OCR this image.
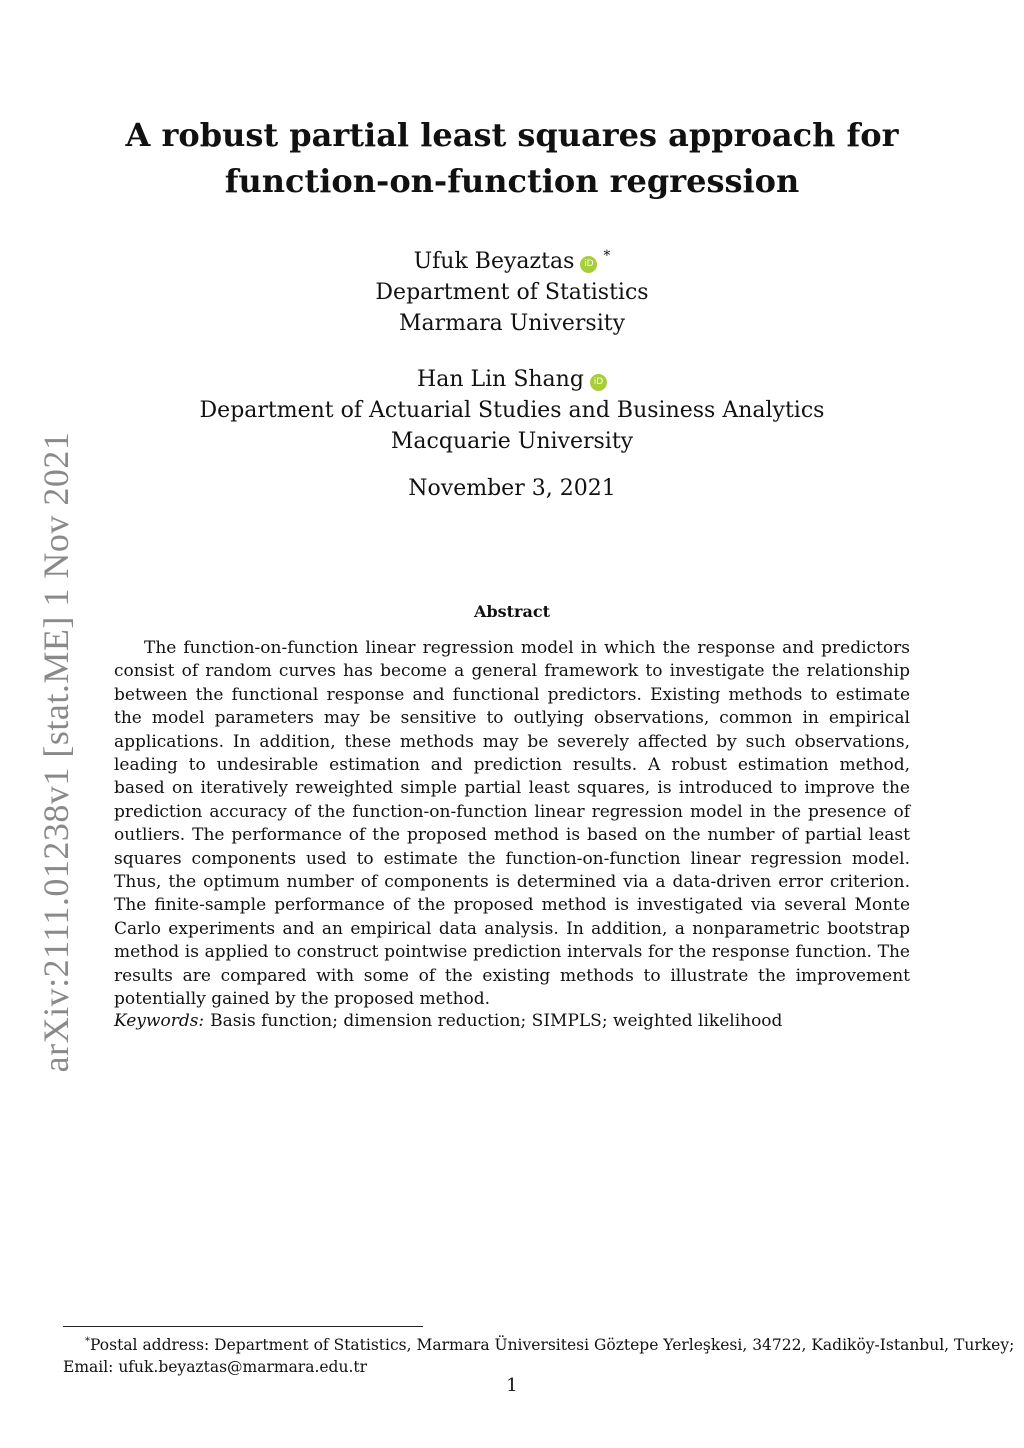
arXiv:2111.01238v1 [stat.ME] 1 Nov 2021
A robust partial least squares approach for
function-on-function regression
Ufuk Beyaztas iD *
Department of Statistics
Marmara University
Han Lin Shang iD
Department of Actuarial Studies and Business Analytics
Macquarie University
November 3, 2021
Abstract

The function-on-function linear regression model in which the response and predictors consist of random curves has become a general framework to investigate the relationship between the functional response and functional predictors. Existing methods to estimate the model parameters may be sensitive to outlying observations, common in empirical applications. In addition, these methods may be severely affected by such observations, leading to undesirable estimation and prediction results. A robust estimation method, based on iteratively reweighted simple partial least squares, is introduced to improve the prediction accuracy of the function-on-function linear regression model in the presence of outliers. The performance of the proposed method is based on the number of partial least squares components used to estimate the function-on-function linear regression model. Thus, the optimum number of components is determined via a data-driven error criterion. The finite-sample performance of the proposed method is investigated via several Monte Carlo experiments and an empirical data analysis. In addition, a nonparametric bootstrap method is applied to construct pointwise prediction intervals for the response function. The results are compared with some of the existing methods to illustrate the improvement potentially gained by the proposed method.

Keywords: Basis function; dimension reduction; SIMPLS; weighted likelihood
*Postal address: Department of Statistics, Marmara Üniversitesi Göztepe Yerleşkesi, 34722, Kadiköy-Istanbul, Turkey;
Email: ufuk.beyaztas@marmara.edu.tr
1
